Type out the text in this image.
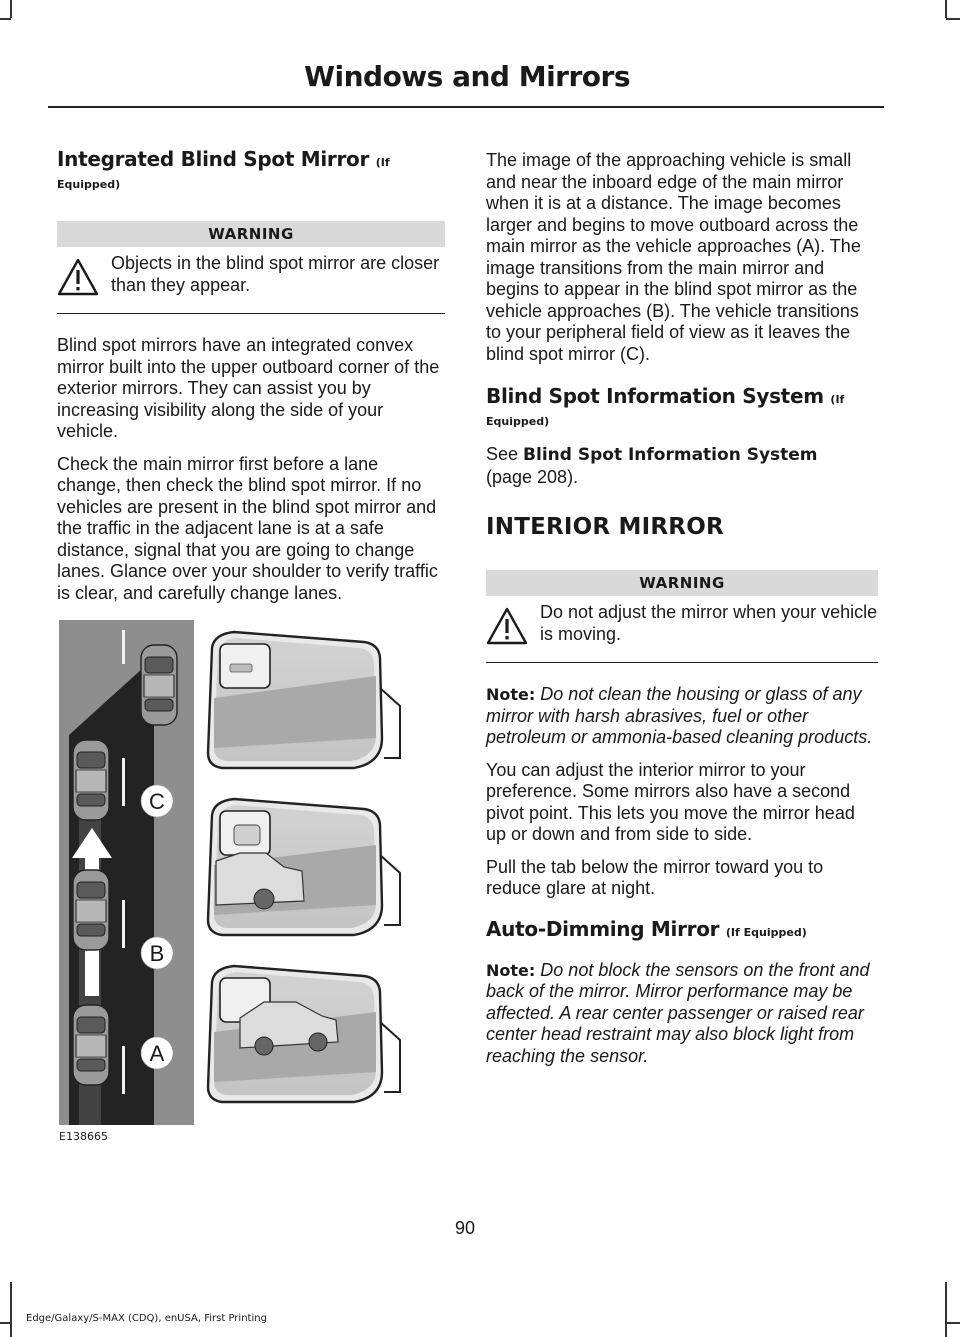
Windows and Mirrors
Integrated Blind Spot Mirror (If
Equipped)
WARNING
Objects in the blind spot mirror are closer than they appear.

Blind spot mirrors have an integrated convex mirror built into the upper outboard corner of the exterior mirrors. They can assist you by increasing visibility along the side of your vehicle.

Check the main mirror first before a lane change, then check the blind spot mirror. If no vehicles are present in the blind spot mirror and the traffic in the adjacent lane is at a safe distance, signal that you are going to change lanes. Glance over your shoulder to verify traffic is clear, and carefully change lanes.

C
B
A
E138665

The image of the approaching vehicle is small and near the inboard edge of the main mirror when it is at a distance. The image becomes larger and begins to move outboard across the main mirror as the vehicle approaches (A). The image transitions from the main mirror and begins to appear in the blind spot mirror as the vehicle approaches (B). The vehicle transitions to your peripheral field of view as it leaves the blind spot mirror (C).

Blind Spot Information System (If
Equipped)

See Blind Spot Information System
(page 208).

INTERIOR MIRROR
WARNING
Do not adjust the mirror when your vehicle is moving.

Note: Do not clean the housing or glass of any mirror with harsh abrasives, fuel or other petroleum or ammonia-based cleaning products.

You can adjust the interior mirror to your preference. Some mirrors also have a second pivot point. This lets you move the mirror head up or down and from side to side.

Pull the tab below the mirror toward you to reduce glare at night.

Auto-Dimming Mirror (If Equipped)

Note: Do not block the sensors on the front and back of the mirror. Mirror performance may be affected. A rear center passenger or raised rear center head restraint may also block light from reaching the sensor.

90
Edge/Galaxy/S-MAX (CDQ), enUSA, First Printing
